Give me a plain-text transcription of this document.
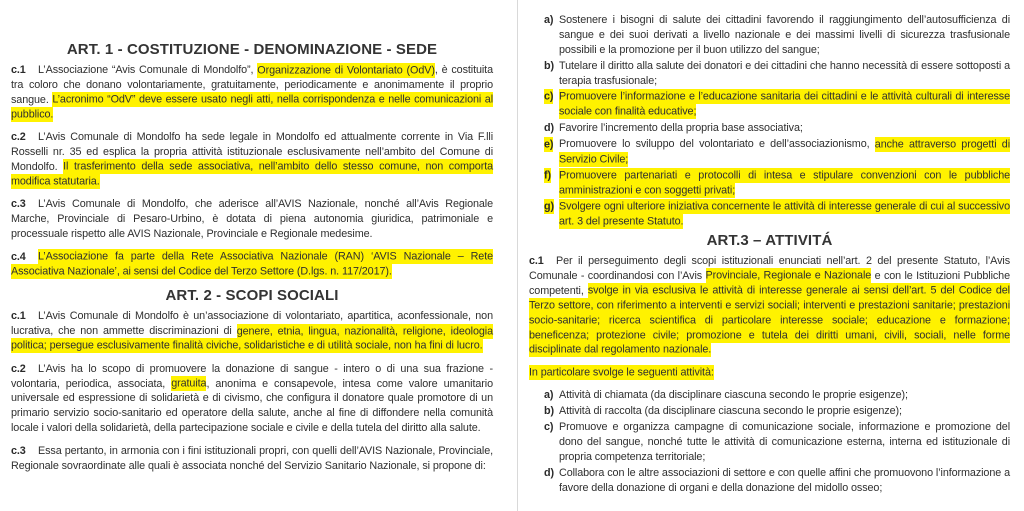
ART. 1 - COSTITUZIONE - DENOMINAZIONE - SEDE
c.1 L’Associazione “Avis Comunale di Mondolfo”, Organizzazione di Volontariato (OdV), è costituita tra coloro che donano volontariamente, gratuitamente, periodicamente e anonimamente il proprio sangue. L’acronimo “OdV” deve essere usato negli atti, nella corrispondenza e nelle comunicazioni al pubblico.
c.2 L’Avis Comunale di Mondolfo ha sede legale in Mondolfo ed attualmente corrente in Via F.lli Rosselli nr. 35 ed esplica la propria attività istituzionale esclusivamente nell’ambito del Comune di Mondolfo. Il trasferimento della sede associativa, nell’ambito dello stesso comune, non comporta modifica statutaria.
c.3 L’Avis Comunale di Mondolfo, che aderisce all’AVIS Nazionale, nonché all’Avis Regionale Marche, Provinciale di Pesaro-Urbino, è dotata di piena autonomia giuridica, patrimoniale e processuale rispetto alle AVIS Nazionale, Provinciale e Regionale medesime.
c.4 L’Associazione fa parte della Rete Associativa Nazionale (RAN) ‘AVIS Nazionale – Rete Associativa Nazionale’, ai sensi del Codice del Terzo Settore (D.lgs. n. 117/2017).
ART. 2 - SCOPI SOCIALI
c.1 L’Avis Comunale di Mondolfo è un’associazione di volontariato, apartitica, aconfessionale, non lucrativa, che non ammette discriminazioni di genere, etnia, lingua, nazionalità, religione, ideologia politica; persegue esclusivamente finalità civiche, solidaristiche e di utilità sociale, non ha fini di lucro.
c.2 L’Avis ha lo scopo di promuovere la donazione di sangue - intero o di una sua frazione - volontaria, periodica, associata, gratuita, anonima e consapevole, intesa come valore umanitario universale ed espressione di solidarietà e di civismo, che configura il donatore quale promotore di un primario servizio socio-sanitario ed operatore della salute, anche al fine di diffondere nella comunità locale i valori della solidarietà, della partecipazione sociale e civile e della tutela del diritto alla salute.
c.3 Essa pertanto, in armonia con i fini istituzionali propri, con quelli dell’AVIS Nazionale, Provinciale, Regionale sovraordinate alle quali è associata nonché del Servizio Sanitario Nazionale, si propone di:
a) Sostenere i bisogni di salute dei cittadini favorendo il raggiungimento dell’autosufficienza di sangue e dei suoi derivati a livello nazionale e dei massimi livelli di sicurezza trasfusionale possibili e la promozione per il buon utilizzo del sangue;
b) Tutelare il diritto alla salute dei donatori e dei cittadini che hanno necessità di essere sottoposti a terapia trasfusionale;
c) Promuovere l’informazione e l’educazione sanitaria dei cittadini e le attività culturali di interesse sociale con finalità educative;
d) Favorire l’incremento della propria base associativa;
e) Promuovere lo sviluppo del volontariato e dell’associazionismo, anche attraverso progetti di Servizio Civile;
f) Promuovere partenariati e protocolli di intesa e stipulare convenzioni con le pubbliche amministrazioni e con soggetti privati;
g) Svolgere ogni ulteriore iniziativa concernente le attività di interesse generale di cui al successivo art. 3 del presente Statuto.
ART.3 – ATTIVITÁ
c.1 Per il perseguimento degli scopi istituzionali enunciati nell’art. 2 del presente Statuto, l’Avis Comunale - coordinandosi con l’Avis Provinciale, Regionale e Nazionale e con le Istituzioni Pubbliche competenti, svolge in via esclusiva le attività di interesse generale ai sensi dell’art. 5 del Codice del Terzo settore, con riferimento a interventi e servizi sociali; interventi e prestazioni sanitarie; prestazioni socio-sanitarie; ricerca scientifica di particolare interesse sociale; educazione e formazione; beneficenza; protezione civile; promozione e tutela dei diritti umani, civili, sociali, nelle forme disciplinate dal regolamento nazionale.
In particolare svolge le seguenti attività:
a) Attività di chiamata (da disciplinare ciascuna secondo le proprie esigenze);
b) Attività di raccolta (da disciplinare ciascuna secondo le proprie esigenze);
c) Promuove e organizza campagne di comunicazione sociale, informazione e promozione del dono del sangue, nonché tutte le attività di comunicazione esterna, interna ed istituzionale di propria competenza territoriale;
d) Collabora con le altre associazioni di settore e con quelle affini che promuovono l’informazione a favore della donazione di organi e della donazione del midollo osseo;
